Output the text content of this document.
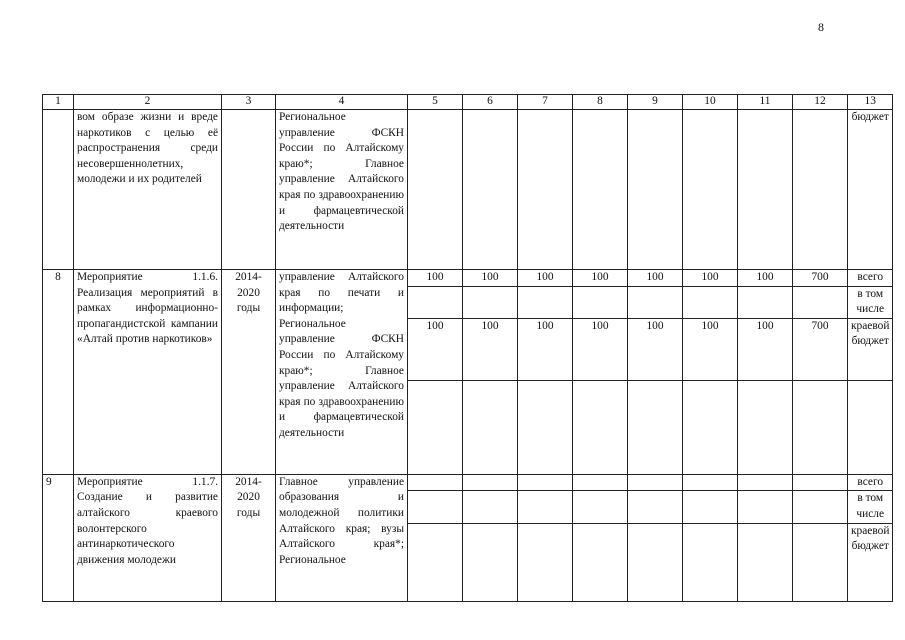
8
1	2	3	4	5	6	7	8	9	10	11	12	13
	вом образе жизни и вреде наркотиков с целью её распространения среди несовершеннолетних, молодежи и их родителей		Региональное управление ФСКН России по Алтайскому краю*; Главное управление Алтайского края по здравоохранению и фармацевтической деятельности									бюджет
8	Мероприятие 1.1.6. Реализация мероприятий в рамках информационно- пропагандистской кампании «Алтай против наркотиков»	2014-2020 годы	управление Алтайского края по печати и информации; Региональное управление ФСКН России по Алтайскому краю*; Главное управление Алтайского края по здравоохранению и фармацевтической деятельности	100	100	100	100	100	100	100	700	всего
												в том числе
				100	100	100	100	100	100	100	700	краевой бюджет

9	Мероприятие 1.1.7. Создание и развитие алтайского краевого волонтерского антинаркотического движения молодежи	2014-2020 годы	Главное управление образования и молодежной политики Алтайского края; вузы Алтайского края*; Региональное									всего
												в том числе
												краевой бюджет
